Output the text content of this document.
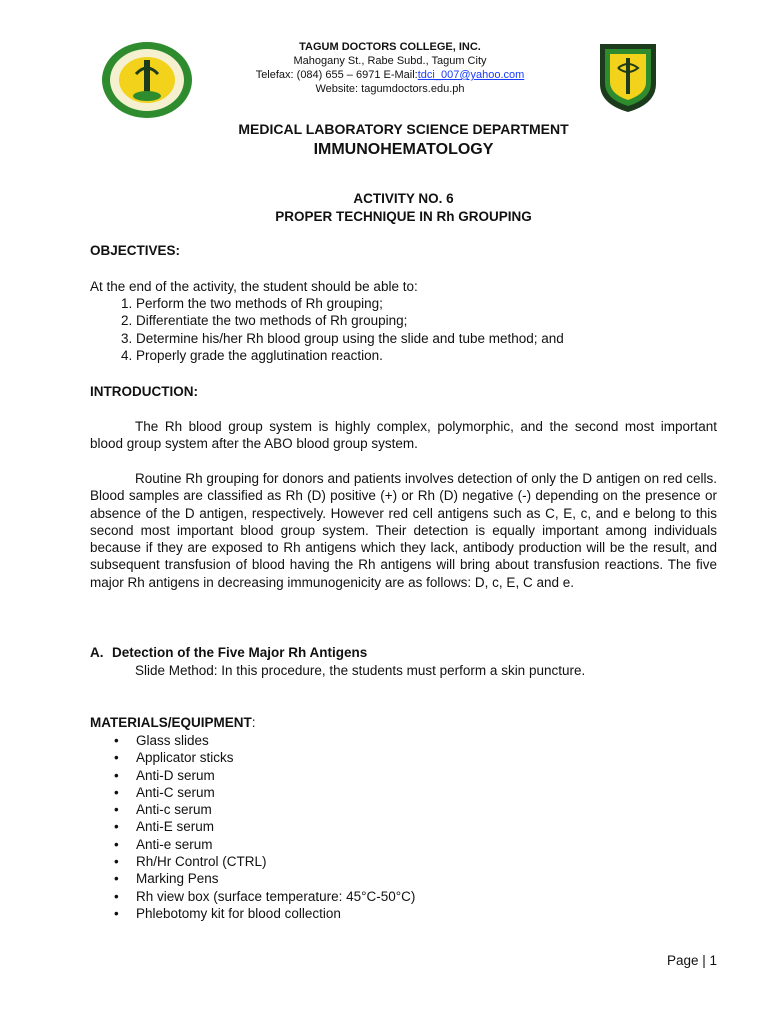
TAGUM DOCTORS COLLEGE, INC.
Mahogany St., Rabe Subd., Tagum City
Telefax: (084) 655 – 6971 E-Mail:tdci_007@yahoo.com
Website: tagumdoctors.edu.ph
MEDICAL LABORATORY SCIENCE DEPARTMENT
IMMUNOHEMATOLOGY
ACTIVITY NO. 6
PROPER TECHNIQUE IN Rh GROUPING
OBJECTIVES:
At the end of the activity, the student should be able to:
1. Perform the two methods of Rh grouping;
2. Differentiate the two methods of Rh grouping;
3. Determine his/her Rh blood group using the slide and tube method; and
4. Properly grade the agglutination reaction.
INTRODUCTION:
The Rh blood group system is highly complex, polymorphic, and the second most important blood group system after the ABO blood group system.
Routine Rh grouping for donors and patients involves detection of only the D antigen on red cells. Blood samples are classified as Rh (D) positive (+) or Rh (D) negative (-) depending on the presence or absence of the D antigen, respectively. However red cell antigens such as C, E, c, and e belong to this second most important blood group system. Their detection is equally important among individuals because if they are exposed to Rh antigens which they lack, antibody production will be the result, and subsequent transfusion of blood having the Rh antigens will bring about transfusion reactions. The five major Rh antigens in decreasing immunogenicity are as follows: D, c, E, C and e.
A. Detection of the Five Major Rh Antigens
Slide Method: In this procedure, the students must perform a skin puncture.
MATERIALS/EQUIPMENT:
• Glass slides
• Applicator sticks
• Anti-D serum
• Anti-C serum
• Anti-c serum
• Anti-E serum
• Anti-e serum
• Rh/Hr Control (CTRL)
• Marking Pens
• Rh view box (surface temperature: 45°C-50°C)
• Phlebotomy kit for blood collection
Page | 1
